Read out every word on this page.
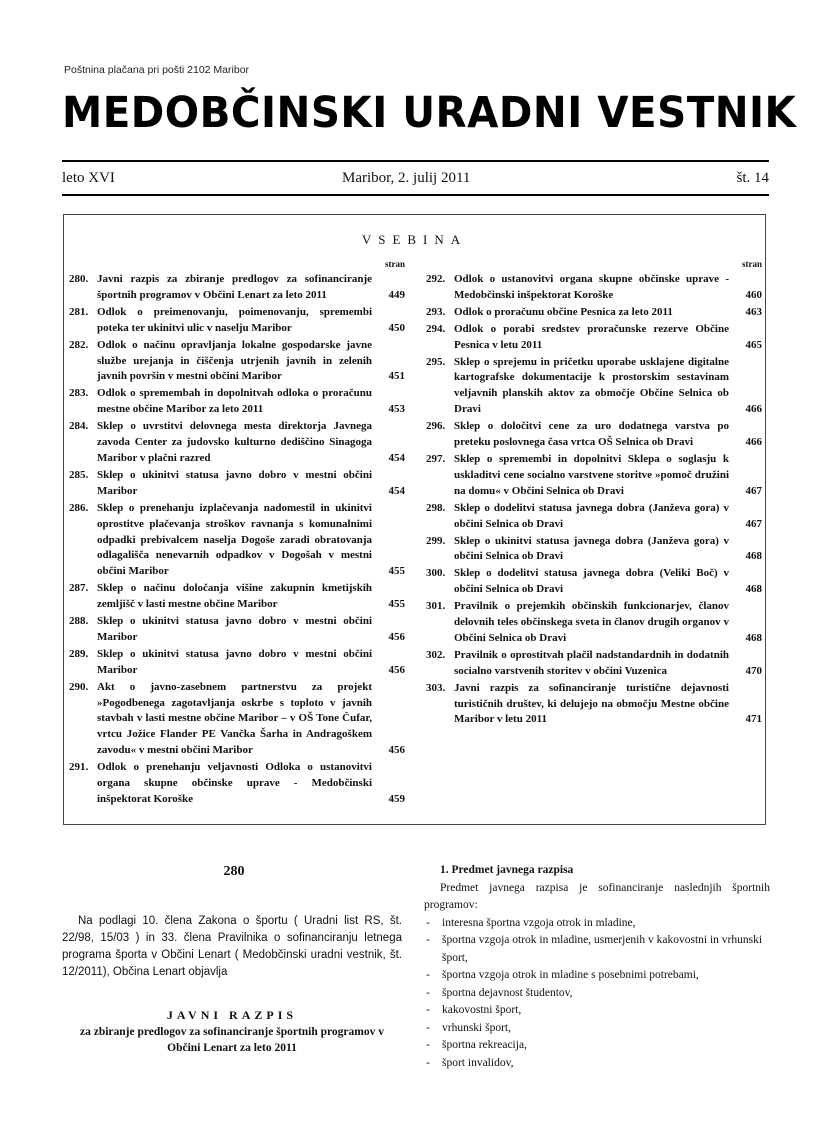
Poštnina plačana pri pošti 2102 Maribor
MEDOBČINSKI URADNI VESTNIK
leto XVI	Maribor, 2. julij 2011	št. 14
VSEBINA
stran
280. Javni razpis za zbiranje predlogov za sofinanciranje športnih programov v Občini Lenart za leto 2011	449
281. Odlok o preimenovanju, poimenovanju, spremembi poteka ter ukinitvi ulic v naselju Maribor	450
282. Odlok o načinu opravljanja lokalne gospodarske javne službe urejanja in čiščenja utrjenih javnih in zelenih javnih površin v mestni občini Maribor	451
283. Odlok o spremembah in dopolnitvah odloka o proračunu mestne občine Maribor za leto 2011	453
284. Sklep o uvrstitvi delovnega mesta direktorja Javnega zavoda Center za judovsko kulturno dediščino Sinagoga Maribor v plačni razred	454
285. Sklep o ukinitvi statusa javno dobro v mestni občini Maribor	454
286. Sklep o prenehanju izplačevanja nadomestil in ukinitvi oprostitve plačevanja stroškov ravnanja s komunalnimi odpadki prebivalcem naselja Dogoše zaradi obratovanja odlagališča nenevarnih odpadkov v Dogošah v mestni občini Maribor	455
287. Sklep o načinu določanja višine zakupnin kmetijskih zemljišč v lasti mestne občine Maribor	455
288. Sklep o ukinitvi statusa javno dobro v mestni občini Maribor	456
289. Sklep o ukinitvi statusa javno dobro v mestni občini Maribor	456
290. Akt o javno-zasebnem partnerstvu za projekt »Pogodbenega zagotavljanja oskrbe s toploto v javnih stavbah v lasti mestne občine Maribor – v OŠ Tone Čufar, vrtcu Jožice Flander PE Vančka Šarha in Andragoškem zavodu« v mestni občini Maribor	456
291. Odlok o prenehanju veljavnosti Odloka o ustanovitvi organa skupne občinske uprave - Medobčinski inšpektorat Koroške	459
stran
292. Odlok o ustanovitvi organa skupne občinske uprave - Medobčinski inšpektorat Koroške	460
293. Odlok o proračunu občine Pesnica za leto 2011	463
294. Odlok o porabi sredstev proračunske rezerve Občine Pesnica v letu 2011	465
295. Sklep o sprejemu in pričetku uporabe usklajene digitalne kartografske dokumentacije k prostorskim sestavinam veljavnih planskih aktov za območje Občine Selnica ob Dravi	466
296. Sklep o določitvi cene za uro dodatnega varstva po preteku poslovnega časa vrtca OŠ Selnica ob Dravi	466
297. Sklep o spremembi in dopolnitvi Sklepa o soglasju k uskladitvi cene socialno varstvene storitve »pomoč družini na domu« v Občini Selnica ob Dravi	467
298. Sklep o dodelitvi statusa javnega dobra (Janževa gora) v občini Selnica ob Dravi	467
299. Sklep o ukinitvi statusa javnega dobra (Janževa gora) v občini Selnica ob Dravi	468
300. Sklep o dodelitvi statusa javnega dobra (Veliki Boč) v občini Selnica ob Dravi	468
301. Pravilnik o prejemkih občinskih funkcionarjev, članov delovnih teles občinskega sveta in članov drugih organov v Občini Selnica ob Dravi	468
302. Pravilnik o oprostitvah plačil nadstandardnih in dodatnih socialno varstvenih storitev v občini Vuzenica	470
303. Javni razpis za sofinanciranje turistične dejavnosti turističnih društev, ki delujejo na območju Mestne občine Maribor v letu 2011	471
280
Na podlagi 10. člena Zakona o športu ( Uradni list RS, št. 22/98, 15/03 ) in 33. člena Pravilnika o sofinanciranju letnega programa športa v Občini Lenart ( Medobčinski uradni vestnik, št. 12/2011), Občina Lenart objavlja
JAVNI RAZPIS
za zbiranje predlogov za sofinanciranje športnih programov v Občini Lenart za leto 2011
1. Predmet javnega razpisa
Predmet javnega razpisa je sofinanciranje naslednjih športnih programov:
- interesna športna vzgoja otrok in mladine,
- športna vzgoja otrok in mladine, usmerjenih v kakovostni in vrhunski šport,
- športna vzgoja otrok in mladine s posebnimi potrebami,
- športna dejavnost študentov,
- kakovostni šport,
- vrhunski šport,
- športna rekreacija,
- šport invalidov,
